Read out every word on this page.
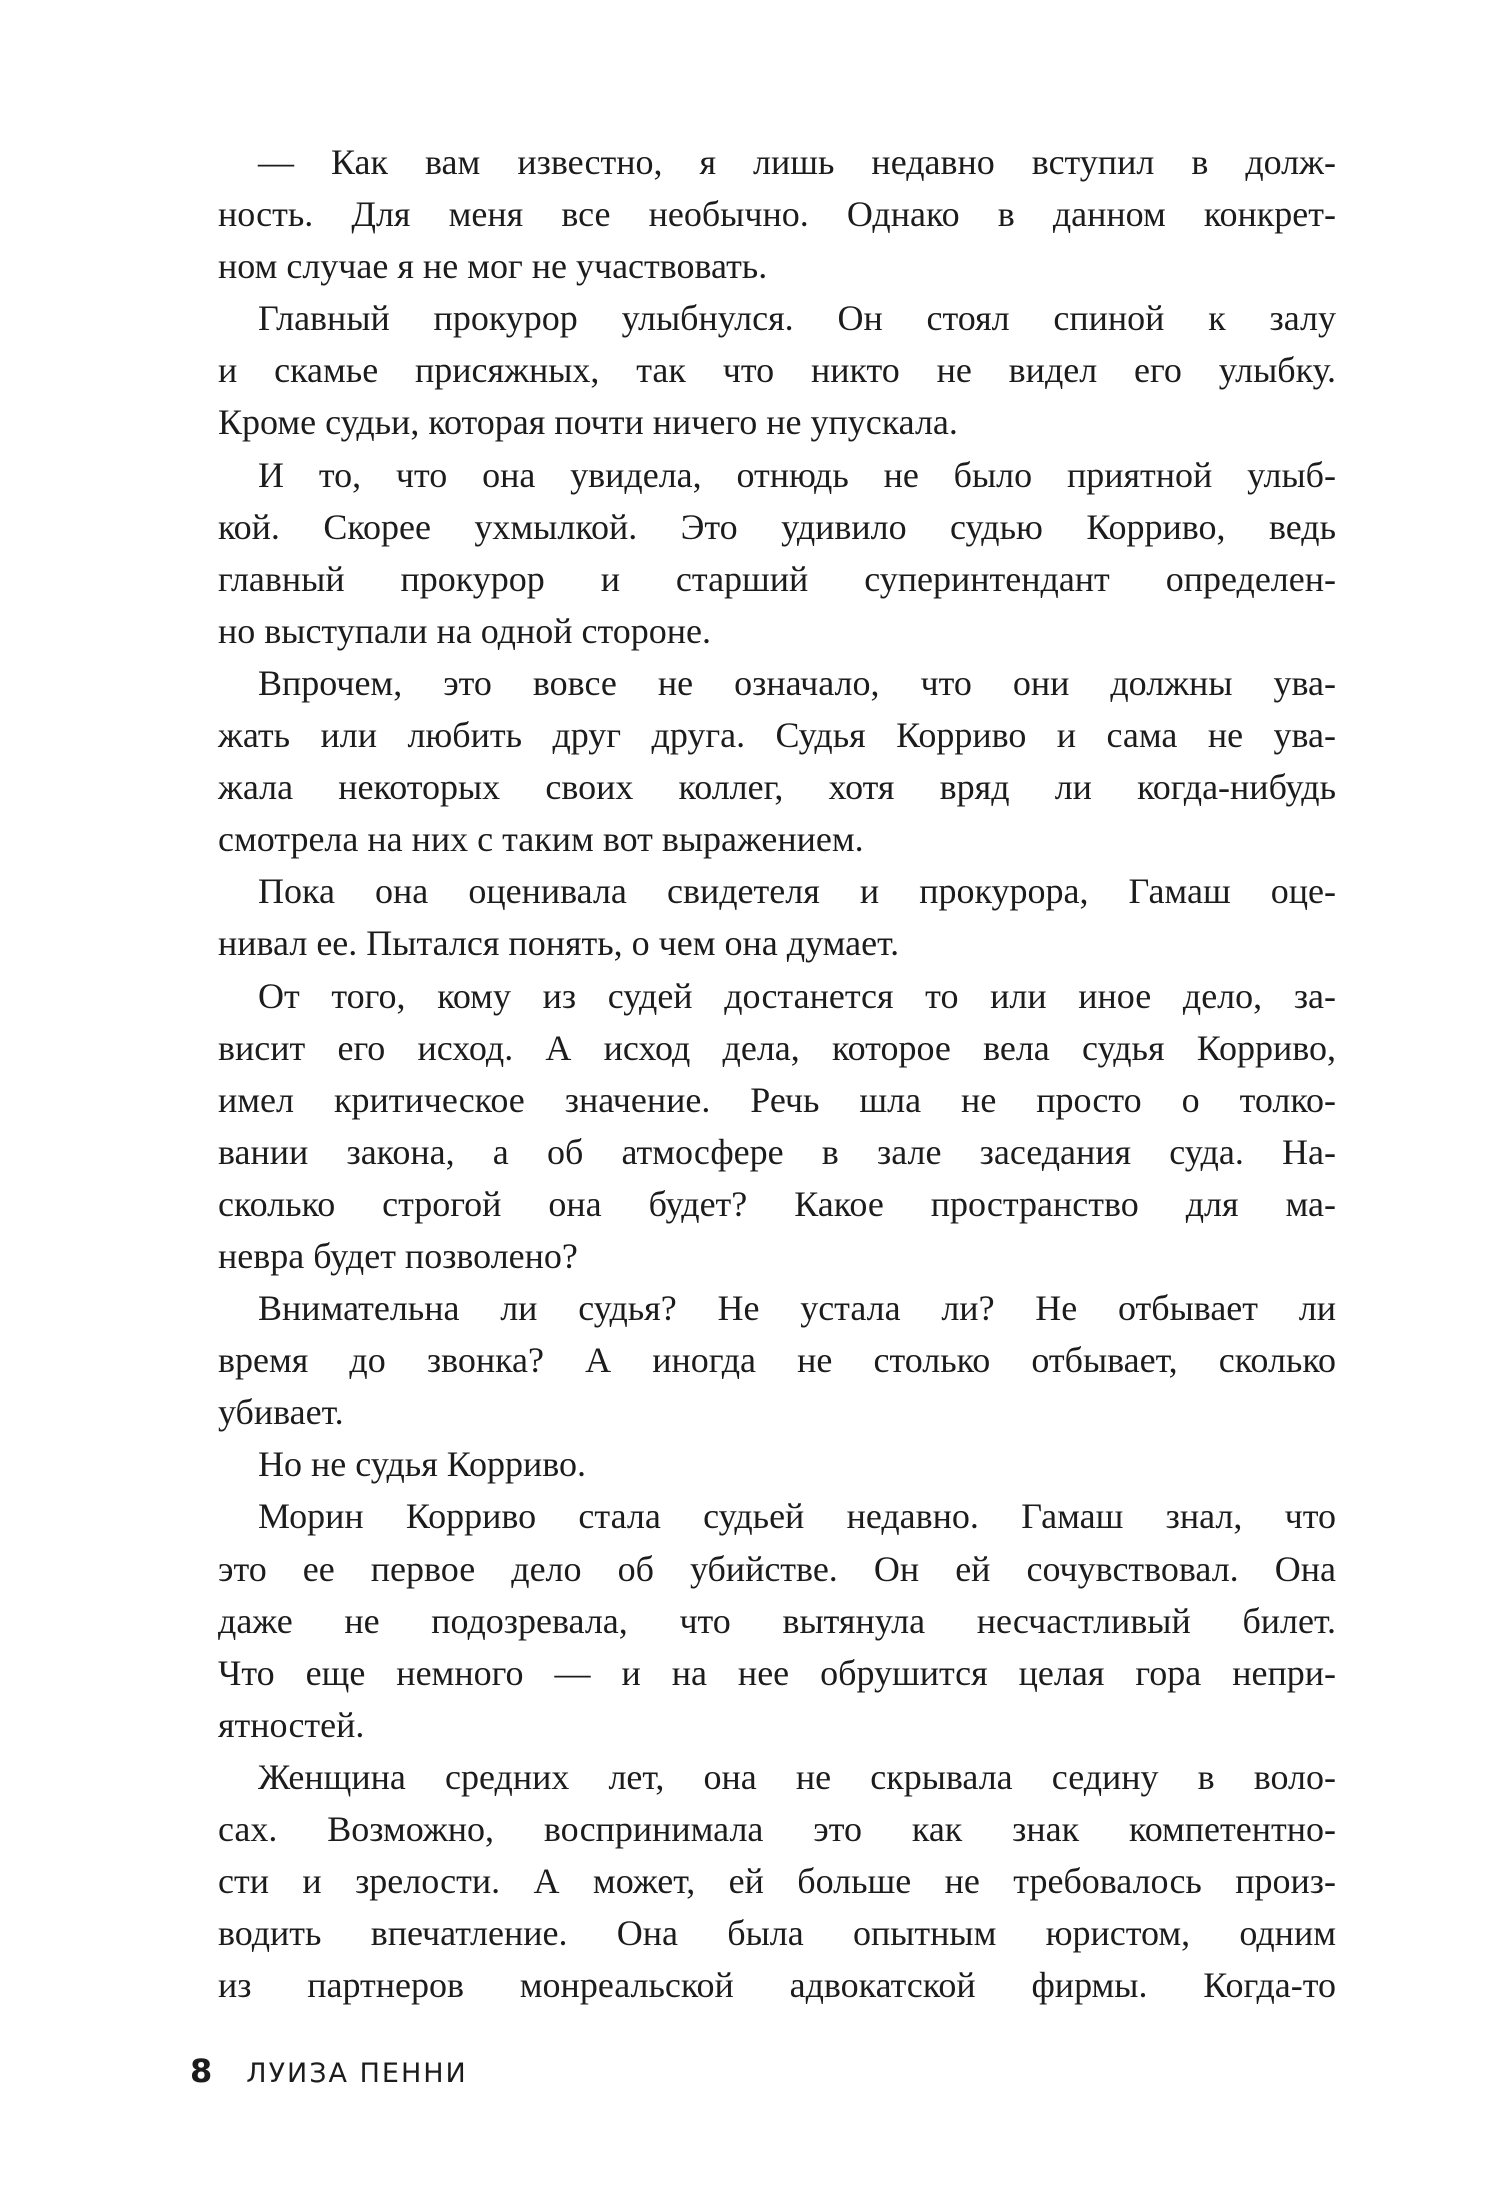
— Как вам известно, я лишь недавно вступил в долж-
ность. Для меня все необычно. Однако в данном конкрет-
ном случае я не мог не участвовать.
Главный прокурор улыбнулся. Он стоял спиной к залу
и скамье присяжных, так что никто не видел его улыбку.
Кроме судьи, которая почти ничего не упускала.
И то, что она увидела, отнюдь не было приятной улыб-
кой. Скорее ухмылкой. Это удивило судью Корриво, ведь
главный прокурор и старший суперинтендант определен-
но выступали на одной стороне.
Впрочем, это вовсе не означало, что они должны ува-
жать или любить друг друга. Судья Корриво и сама не ува-
жала некоторых своих коллег, хотя вряд ли когда-нибудь
смотрела на них с таким вот выражением.
Пока она оценивала свидетеля и прокурора, Гамаш оце-
нивал ее. Пытался понять, о чем она думает.
От того, кому из судей достанется то или иное дело, за-
висит его исход. А исход дела, которое вела судья Корриво,
имел критическое значение. Речь шла не просто о толко-
вании закона, а об атмосфере в зале заседания суда. На-
сколько строгой она будет? Какое пространство для ма-
невра будет позволено?
Внимательна ли судья? Не устала ли? Не отбывает ли
время до звонка? А иногда не столько отбывает, сколько
убивает.
Но не судья Корриво.
Морин Корриво стала судьей недавно. Гамаш знал, что
это ее первое дело об убийстве. Он ей сочувствовал. Она
даже не подозревала, что вытянула несчастливый билет.
Что еще немного — и на нее обрушится целая гора непри-
ятностей.
Женщина средних лет, она не скрывала седину в воло-
сах. Возможно, воспринимала это как знак компетентно-
сти и зрелости. А может, ей больше не требовалось произ-
водить впечатление. Она была опытным юристом, одним
из партнеров монреальской адвокатской фирмы. Когда-то
8 ЛУИЗА ПЕННИ
